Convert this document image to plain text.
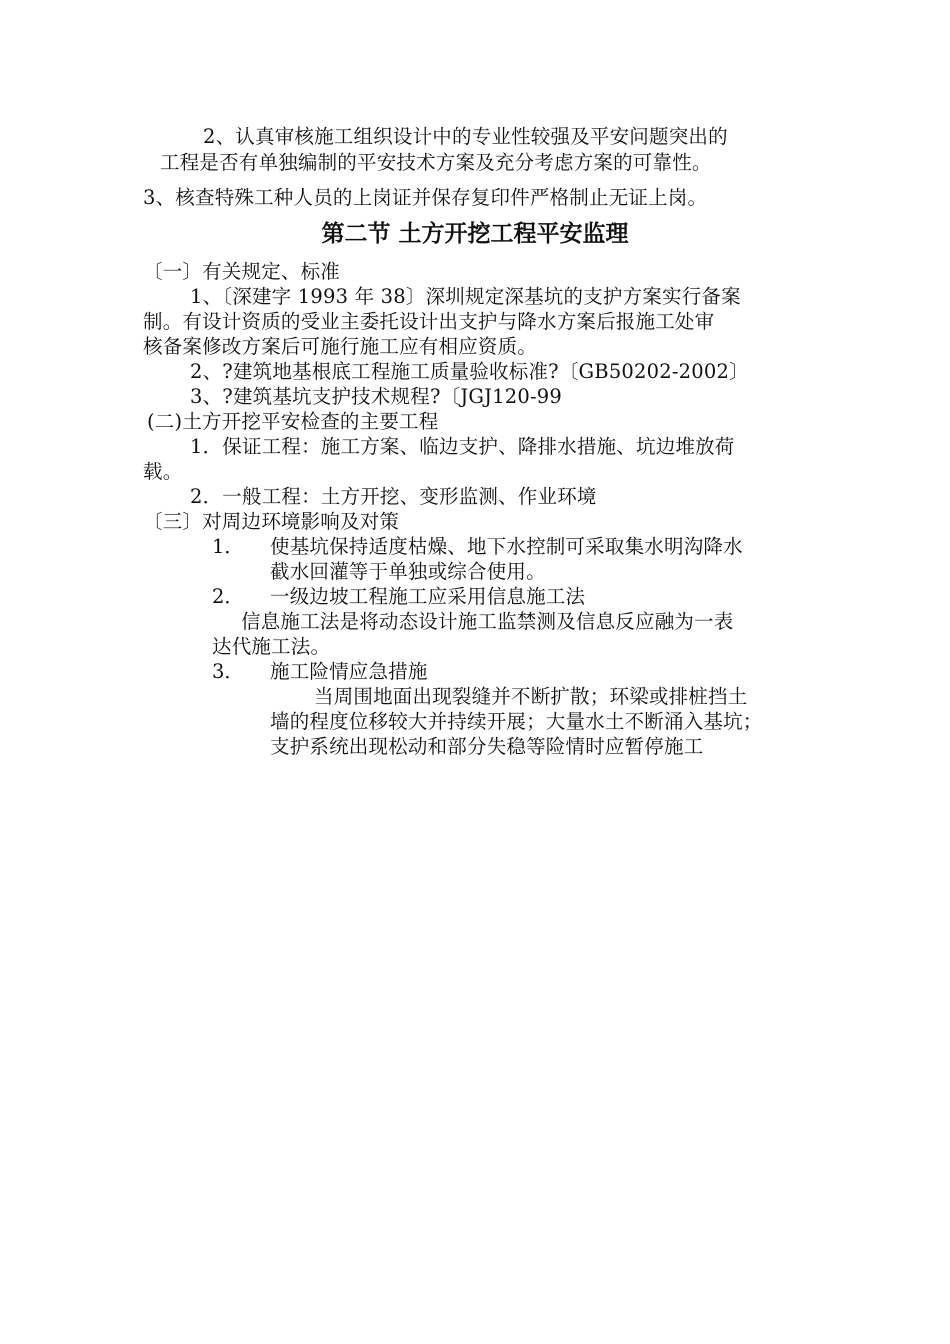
2、认真审核施工组织设计中的专业性较强及平安问题突出的
工程是否有单独编制的平安技术方案及充分考虑方案的可靠性。
3、核查特殊工种人员的上岗证并保存复印件严格制止无证上岗。
第二节 土方开挖工程平安监理
〔一〕有关规定、标准
1、〔深建字 1993 年 38〕深圳规定深基坑的支护方案实行备案
制。有设计资质的受业主委托设计出支护与降水方案后报施工处审
核备案修改方案后可施行施工应有相应资质。
2、?建筑地基根底工程施工质量验收标准?〔GB50202-2002〕
3、?建筑基坑支护技术规程?〔JGJ120-99
(二)土方开挖平安检查的主要工程
1．保证工程：施工方案、临边支护、降排水措施、坑边堆放荷
载。
2．一般工程：土方开挖、变形监测、作业环境
〔三〕对周边环境影响及对策
1． 使基坑保持适度枯燥、地下水控制可采取集水明沟降水
截水回灌等于单独或综合使用。
2． 一级边坡工程施工应采用信息施工法
信息施工法是将动态设计施工监禁测及信息反应融为一表
达代施工法。
3． 施工险情应急措施
当周围地面出现裂缝并不断扩散；环梁或排桩挡土
墙的程度位移较大并持续开展；大量水土不断涌入基坑；
支护系统出现松动和部分失稳等险情时应暂停施工
